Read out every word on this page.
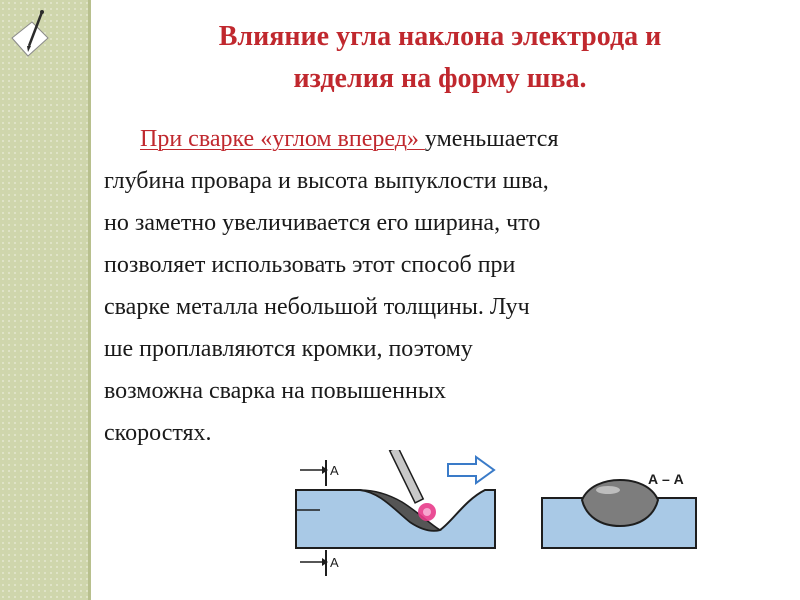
Влияние угла наклона электрода и
изделия на форму шва.

При сварке «углом вперед» уменьшается
глубина провара и высота выпуклости шва,
но заметно увеличивается его ширина, что
позволяет использовать этот способ при
сварке металла небольшой толщины. Луч
ше проплавляются кромки, поэтому
возможна сварка на повышенных
скоростях.

А
А
А – А
